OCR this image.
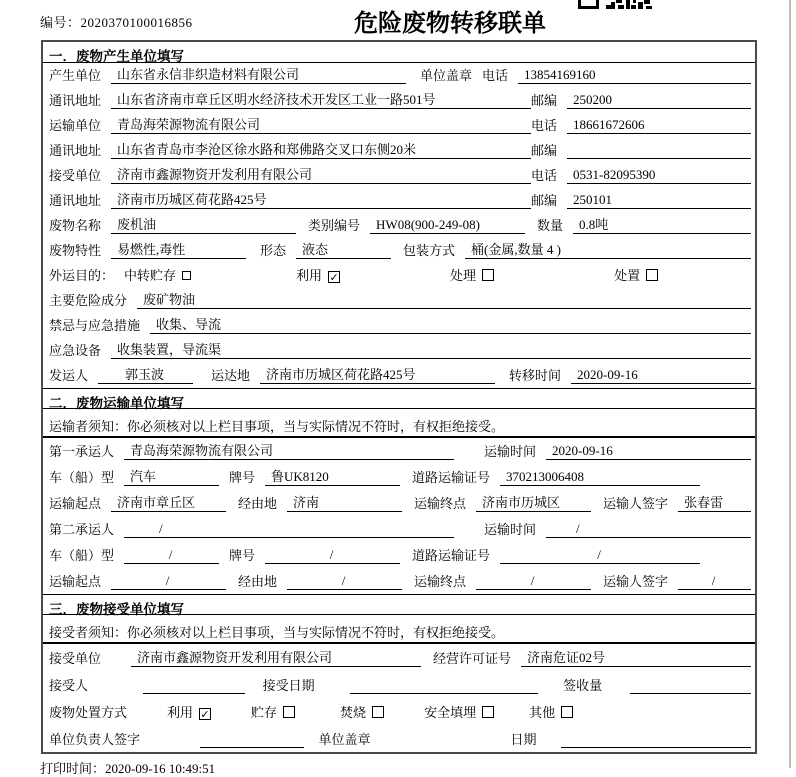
编号：2020370100016856	危险废物转移联单
一．废物产生单位填写
产生单位	山东省永信非织造材料有限公司	单位盖章 电话	13854169160
通讯地址	山东省济南市章丘区明水经济技术开发区工业一路501号	邮编	250200
运输单位	青岛海荣源物流有限公司	电话	18661672606
通讯地址	山东省青岛市李沧区徐水路和郑佛路交叉口东侧20米	邮编
接受单位	济南市鑫源物资开发利用有限公司	电话	0531-82095390
通讯地址	济南市历城区荷花路425号	邮编	250101
废物名称	废机油	类别编号	HW08(900-249-08)	数量	0.8吨
废物特性	易燃性,毒性	形态	液态	包装方式	桶(金属,数量 4 )
外运目的： 中转贮存	利用 ✓	处理	处置
主要危险成分	废矿物油
禁忌与应急措施	收集、导流
应急设备	收集装置，导流渠
发运人	郭玉波	运达地	济南市历城区荷花路425号	转移时间	2020-09-16
二．废物运输单位填写
运输者须知：你必须核对以上栏目事项，当与实际情况不符时，有权拒绝接受。
第一承运人	青岛海荣源物流有限公司	运输时间	2020-09-16
车（船）型	汽车	牌号	鲁UK8120	道路运输证号	370213006408
运输起点	济南市章丘区	经由地	济南	运输终点	济南市历城区	运输人签字	张春雷
第二承运人	/	运输时间	/
车（船）型	/	牌号	/	道路运输证号	/
运输起点	/	经由地	/	运输终点	/	运输人签字	/
三．废物接受单位填写
接受者须知：你必须核对以上栏目事项，当与实际情况不符时，有权拒绝接受。
接受单位	济南市鑫源物资开发利用有限公司	经营许可证号	济南危证02号
接受人	接受日期	签收量
废物处置方式	利用 ✓	贮存	焚烧	安全填埋	其他
单位负责人签字	单位盖章	日期
打印时间：2020-09-16 10:49:51
